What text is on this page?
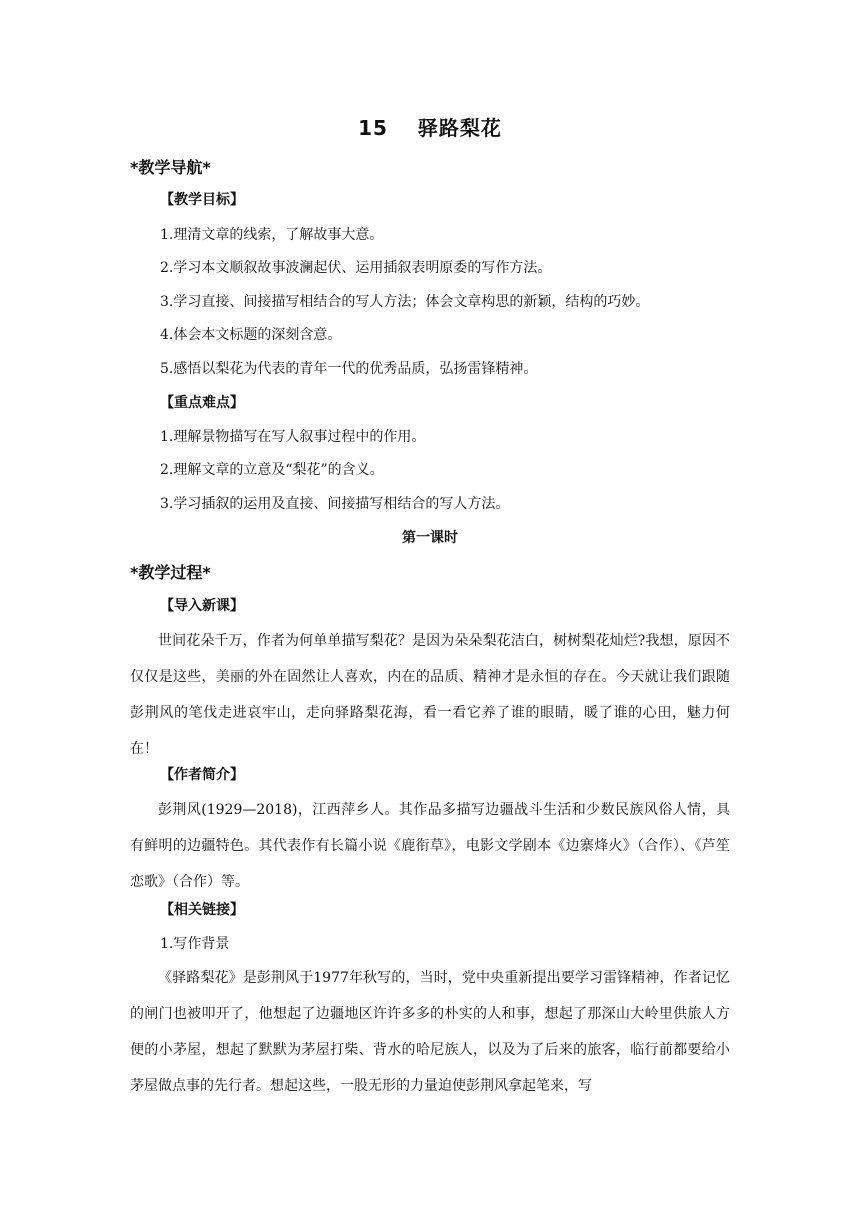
15 驿路梨花
*教学导航*
【教学目标】
1.理清文章的线索，了解故事大意。
2.学习本文顺叙故事波澜起伏、运用插叙表明原委的写作方法。
3.学习直接、间接描写相结合的写人方法；体会文章构思的新颖，结构的巧妙。
4.体会本文标题的深刻含意。
5.感悟以梨花为代表的青年一代的优秀品质，弘扬雷锋精神。
【重点难点】
1.理解景物描写在写人叙事过程中的作用。
2.理解文章的立意及“梨花”的含义。
3.学习插叙的运用及直接、间接描写相结合的写人方法。
第一课时
*教学过程*
【导入新课】
世间花朵千万，作者为何单单描写梨花？是因为朵朵梨花洁白，树树梨花灿烂?我想，原因不仅仅是这些，美丽的外在固然让人喜欢，内在的品质、精神才是永恒的存在。今天就让我们跟随彭荆风的笔伐走进哀牢山，走向驿路梨花海，看一看它养了谁的眼睛，暖了谁的心田，魅力何在！
【作者简介】
彭荆风(1929—2018)，江西萍乡人。其作品多描写边疆战斗生活和少数民族风俗人情，具有鲜明的边疆特色。其代表作有长篇小说《鹿衔草》，电影文学剧本《边寨烽火》（合作）、《芦笙恋歌》（合作）等。
【相关链接】
1.写作背景
《驿路梨花》是彭荆风于1977年秋写的，当时，党中央重新提出要学习雷锋精神，作者记忆的闸门也被叩开了，他想起了边疆地区许许多多的朴实的人和事，想起了那深山大岭里供旅人方便的小茅屋，想起了默默为茅屋打柴、背水的哈尼族人，以及为了后来的旅客，临行前都要给小茅屋做点事的先行者。想起这些，一股无形的力量迫使彭荆风拿起笔来，写
